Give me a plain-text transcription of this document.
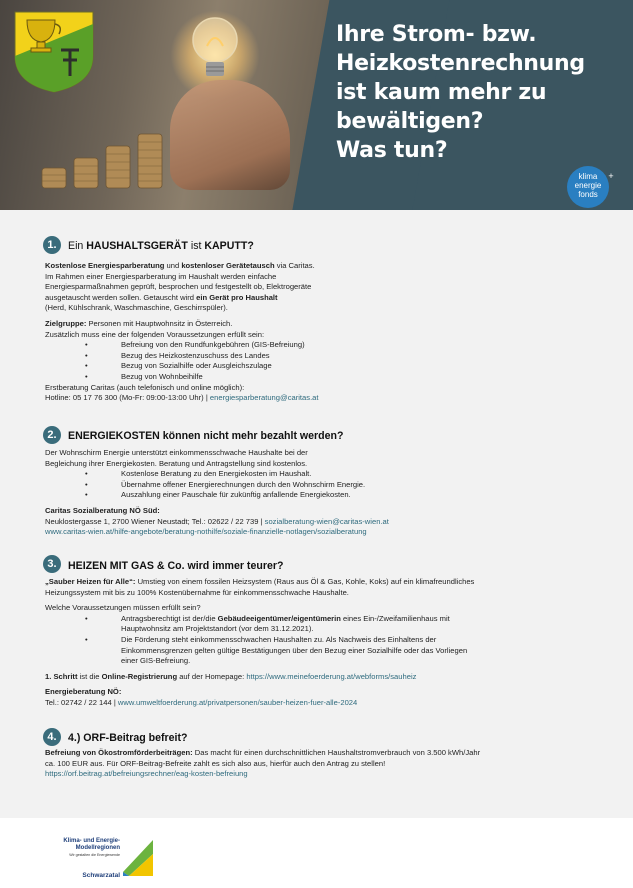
Ihre Strom- bzw.
Heizkostenrechnung
ist kaum mehr zu
bewältigen?
Was tun?
klima
energie
fonds
+
1.	Ein HAUSHALTSGERÄT ist KAPUTT?

Kostenlose Energiesparberatung und kostenloser Gerätetausch via Caritas.

Im Rahmen einer Energiesparberatung im Haushalt werden einfache

Energiesparmaßnahmen geprüft, besprochen und festgestellt ob, Elektrogeräte

ausgetauscht werden sollen. Getauscht wird ein Gerät pro Haushalt

(Herd, Kühlschrank, Waschmaschine, Geschirrspüler).

Zielgruppe: Personen mit Hauptwohnsitz in Österreich.

Zusätzlich muss eine der folgenden Voraussetzungen erfüllt sein:

• Befreiung von den Rundfunkgebühren (GIS-Befreiung)

• Bezug des Heizkostenzuschuss des Landes

• Bezug von Sozialhilfe oder Ausgleichszulage

• Bezug von Wohnbeihilfe

Erstberatung Caritas (auch telefonisch und online möglich):

Hotline: 05 17 76 300 (Mo-Fr: 09:00-13:00 Uhr) | energiesparberatung@caritas.at

2.	ENERGIEKOSTEN können nicht mehr bezahlt werden?

Der Wohnschirm Energie unterstützt einkommensschwache Haushalte bei der

Begleichung ihrer Energiekosten. Beratung und Antragstellung sind kostenlos.

• Kostenlose Beratung zu den Energiekosten im Haushalt.

• Übernahme offener Energierechnungen durch den Wohnschirm Energie.

• Auszahlung einer Pauschale für zukünftig anfallende Energiekosten.

Caritas Sozialberatung NÖ Süd:

Neuklostergasse 1, 2700 Wiener Neustadt; Tel.: 02622 / 22 739 | sozialberatung-wien@caritas-wien.at

www.caritas-wien.at/hilfe-angebote/beratung-nothilfe/soziale-finanzielle-notlagen/sozialberatung

3.	HEIZEN MIT GAS & Co. wird immer teurer?

„Sauber Heizen für Alle“: Umstieg von einem fossilen Heizsystem (Raus aus Öl & Gas, Kohle, Koks) auf ein klimafreundliches

Heizungssystem mit bis zu 100% Kostenübernahme für einkommensschwache Haushalte.

Welche Voraussetzungen müssen erfüllt sein?

• Antragsberechtigt ist der/die Gebäudeeigentümer/eigentümerin eines Ein-/Zweifamilienhaus mit

Hauptwohnsitz am Projektstandort (vor dem 31.12.2021).

• Die Förderung steht einkommensschwachen Haushalten zu. Als Nachweis des Einhaltens der

Einkommensgrenzen gelten gültige Bestätigungen über den Bezug einer Sozialhilfe oder das Vorliegen

einer GIS-Befreiung.

1. Schritt ist die Online-Registrierung auf der Homepage: https://www.meinefoerderung.at/webforms/sauheiz

Energieberatung NÖ:

Tel.: 02742 / 22 144 | www.umweltfoerderung.at/privatpersonen/sauber-heizen-fuer-alle-2024

4.	4.) ORF-Beitrag befreit?

Befreiung von Ökostromförderbeiträgen: Das macht für einen durchschnittlichen Haushaltstromverbrauch von 3.500 kWh/Jahr

ca. 100 EUR aus. Für ORF-Beitrag-Befreite zahlt es sich also aus, hierfür auch den Antrag zu stellen!

https://orf.beitrag.at/befreiungsrechner/eag-kosten-befreiung

Klima- und Energie-
Modellregionen
Wir gestalten die Energiewende
Schwarzatal
